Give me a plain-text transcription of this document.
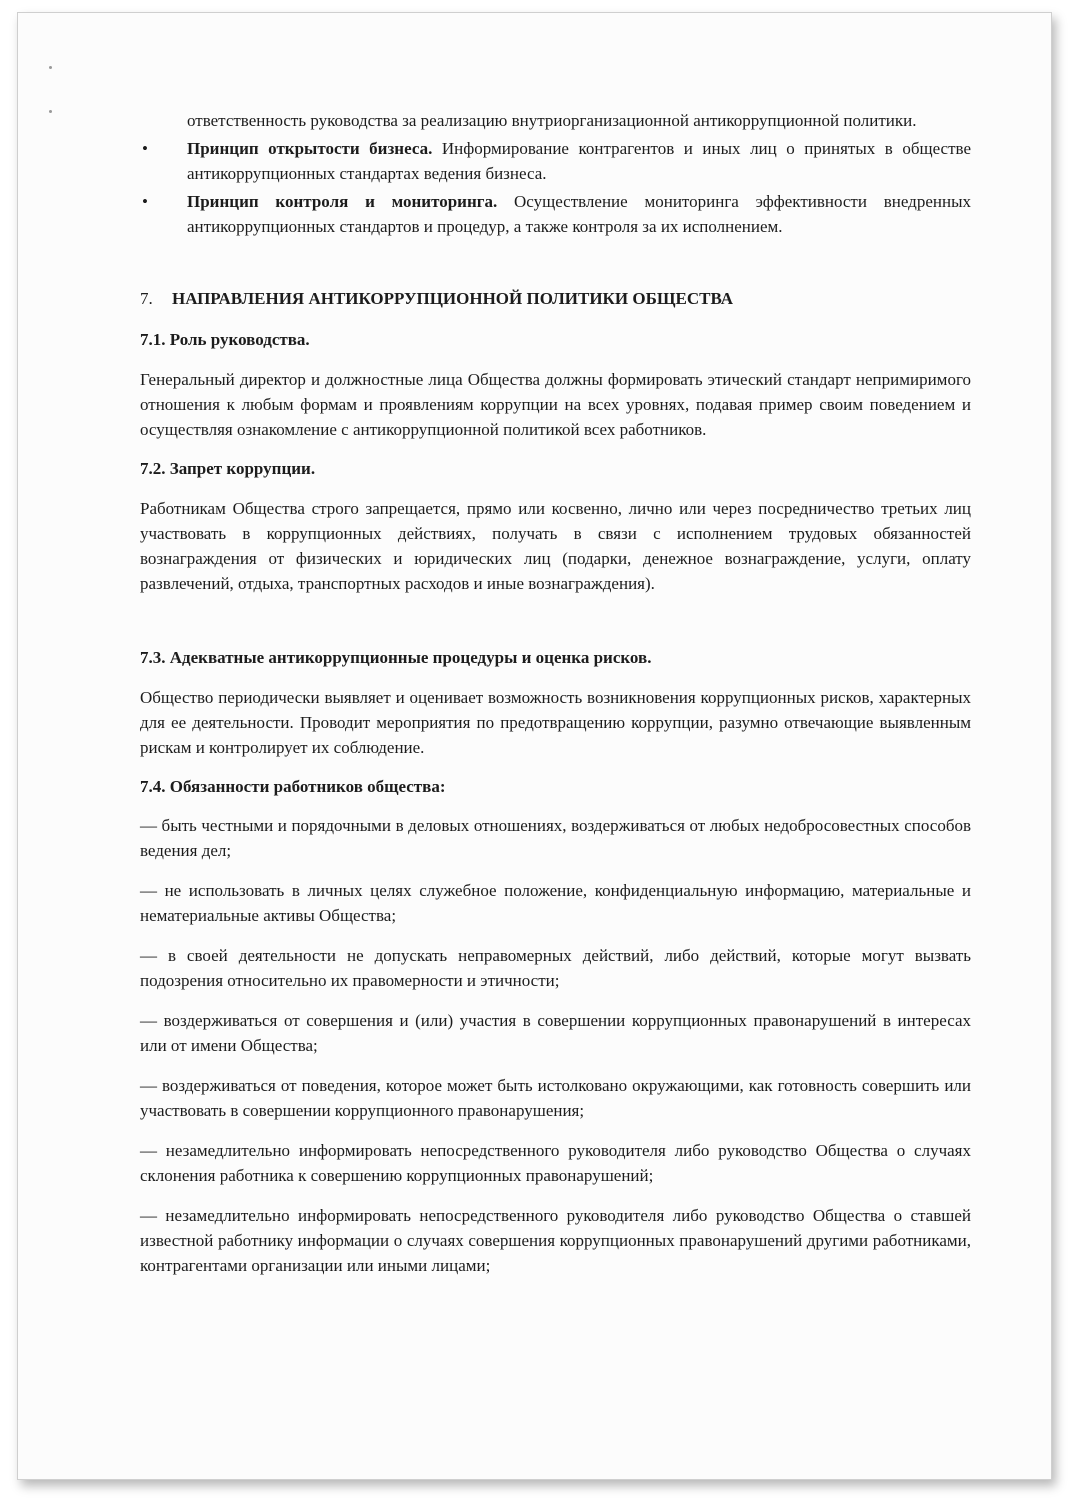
ответственность руководства за реализацию внутриорганизационной антикоррупционной политики.

• Принцип открытости бизнеса. Информирование контрагентов и иных лиц о принятых в обществе антикоррупционных стандартах ведения бизнеса.

• Принцип контроля и мониторинга. Осуществление мониторинга эффективности внедренных антикоррупционных стандартов и процедур, а также контроля за их исполнением.

7. НАПРАВЛЕНИЯ АНТИКОРРУПЦИОННОЙ ПОЛИТИКИ ОБЩЕСТВА

7.1. Роль руководства.

Генеральный директор и должностные лица Общества должны формировать этический стандарт непримиримого отношения к любым формам и проявлениям коррупции на всех уровнях, подавая пример своим поведением и осуществляя ознакомление с антикоррупционной политикой всех работников.

7.2. Запрет коррупции.

Работникам Общества строго запрещается, прямо или косвенно, лично или через посредничество третьих лиц участвовать в коррупционных действиях, получать в связи с исполнением трудовых обязанностей вознаграждения от физических и юридических лиц (подарки, денежное вознаграждение, услуги, оплату развлечений, отдыха, транспортных расходов и иные вознаграждения).

7.3. Адекватные антикоррупционные процедуры и оценка рисков.

Общество периодически выявляет и оценивает возможность возникновения коррупционных рисков, характерных для ее деятельности. Проводит мероприятия по предотвращению коррупции, разумно отвечающие выявленным рискам и контролирует их соблюдение.

7.4. Обязанности работников общества:

— быть честными и порядочными в деловых отношениях, воздерживаться от любых недобросовестных способов ведения дел;

— не использовать в личных целях служебное положение, конфиденциальную информацию, материальные и нематериальные активы Общества;

— в своей деятельности не допускать неправомерных действий, либо действий, которые могут вызвать подозрения относительно их правомерности и этичности;

— воздерживаться от совершения и (или) участия в совершении коррупционных правонарушений в интересах или от имени Общества;

— воздерживаться от поведения, которое может быть истолковано окружающими, как готовность совершить или участвовать в совершении коррупционного правонарушения;

— незамедлительно информировать непосредственного руководителя либо руководство Общества о случаях склонения работника к совершению коррупционных правонарушений;

— незамедлительно информировать непосредственного руководителя либо руководство Общества о ставшей известной работнику информации о случаях совершения коррупционных правонарушений другими работниками, контрагентами организации или иными лицами;
